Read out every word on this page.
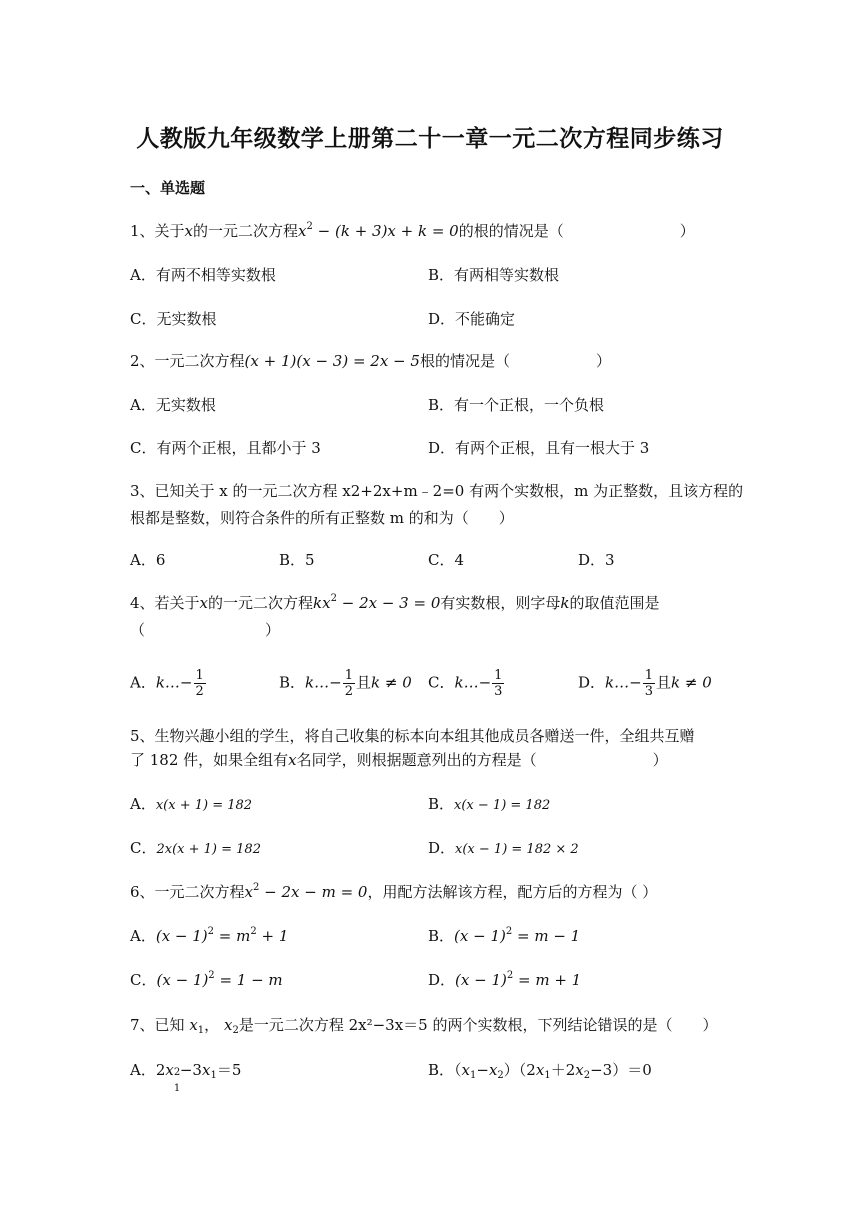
人教版九年级数学上册第二十一章一元二次方程同步练习
一、单选题
1、关于x的一元二次方程$x^2 - (k + 3)x + k = 0$的根的情况是（	）
A．有两不相等实数根	B．有两相等实数根
C．无实数根	D．不能确定
2、一元二次方程(x + 1)(x − 3) = 2x − 5根的情况是（	）
A．无实数根	B．有一个正根，一个负根
C．有两个正根，且都小于 3	D．有两个正根，且有一根大于 3
3、已知关于 x 的一元二次方程 x2+2x+m﹣2=0 有两个实数根，m 为正整数，且该方程的
根都是整数，则符合条件的所有正整数 m 的和为（　　）
A．6	B．5	C．4	D．3
4、若关于x的一元二次方程$kx^2 - 2x - 3 = 0$有实数根，则字母k的取值范围是
（　　　　　　　　）
A．k…− $\frac{1}{2}$	B．k…− $\frac{1}{2}$ 且k ≠ 0 C．k…− $\frac{1}{3}$	D．k…− $\frac{1}{3}$ 且k ≠ 0
5、生物兴趣小组的学生，将自己收集的标本向本组其他成员各赠送一件，全组共互赠
了 182 件，如果全组有x名同学，则根据题意列出的方程是（	）
A．x(x + 1) = 182	B．x(x − 1) = 182
C．2x(x + 1) = 182	D．x(x − 1) = 182 × 2
6、一元二次方程$x^2 - 2x - m = 0$，用配方法解该方程，配方后的方程为（ ）
A．$(x - 1)^2 = m^2 + 1$	B．$(x - 1)^2 = m - 1$
C．$(x - 1)^2 = 1 - m$	D．$(x - 1)^2 = m + 1$
7、已知 $x_1$， $x_2$是一元二次方程 2x²−3x＝5 的两个实数根，下列结论错误的是（　　）
A．2x 2
1
$-3x_1=5$	B．$(x_1-x_2)(2x_1+2x_2-3)=0$
